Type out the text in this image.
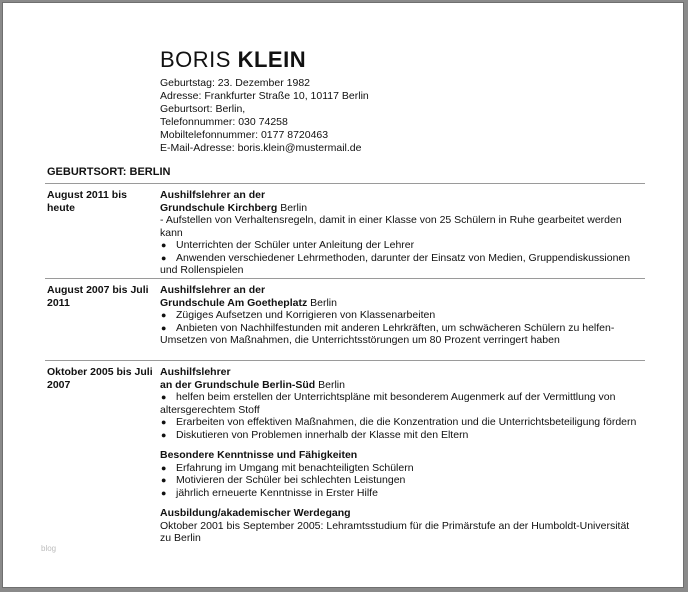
BORIS KLEIN
Geburtstag: 23. Dezember 1982
Adresse: Frankfurter Straße 10, 10117 Berlin
Geburtsort: Berlin,
Telefonnummer: 030 74258
Mobiltelefonnummer: 0177 8720463
E-Mail-Adresse: boris.klein@mustermail.de
GEBURTSORT: BERLIN
August 2011 bis heute
Aushilfslehrer an der
Grundschule Kirchberg Berlin
- Aufstellen von Verhaltensregeln, damit in einer Klasse von 25 Schülern in Ruhe gearbeitet werden kann
● Unterrichten der Schüler unter Anleitung der Lehrer
● Anwenden verschiedener Lehrmethoden, darunter der Einsatz von Medien, Gruppendiskussionen und Rollenspielen
August 2007 bis Juli 2011
Aushilfslehrer an der
Grundschule Am Goetheplatz Berlin
● Zügiges Aufsetzen und Korrigieren von Klassenarbeiten
● Anbieten von Nachhilfestunden mit anderen Lehrkräften, um schwächeren Schülern zu helfen- Umsetzen von Maßnahmen, die Unterrichtsstörungen um 80 Prozent verringert haben
Oktober 2005 bis Juli 2007
Aushilfslehrer
an der Grundschule Berlin-Süd Berlin
● helfen beim erstellen der Unterrichtspläne mit besonderem Augenmerk auf der Vermittlung von altersgerechtem Stoff
● Erarbeiten von effektiven Maßnahmen, die die Konzentration und die Unterrichtsbeteiligung fördern
● Diskutieren von Problemen innerhalb der Klasse mit den Eltern
Besondere Kenntnisse und Fähigkeiten
● Erfahrung im Umgang mit benachteiligten Schülern
● Motivieren der Schüler bei schlechten Leistungen
● jährlich erneuerte Kenntnisse in Erster Hilfe
Ausbildung/akademischer Werdegang
Oktober 2001 bis September 2005: Lehramtsstudium für die Primärstufe an der Humboldt-Universität zu Berlin
blog
